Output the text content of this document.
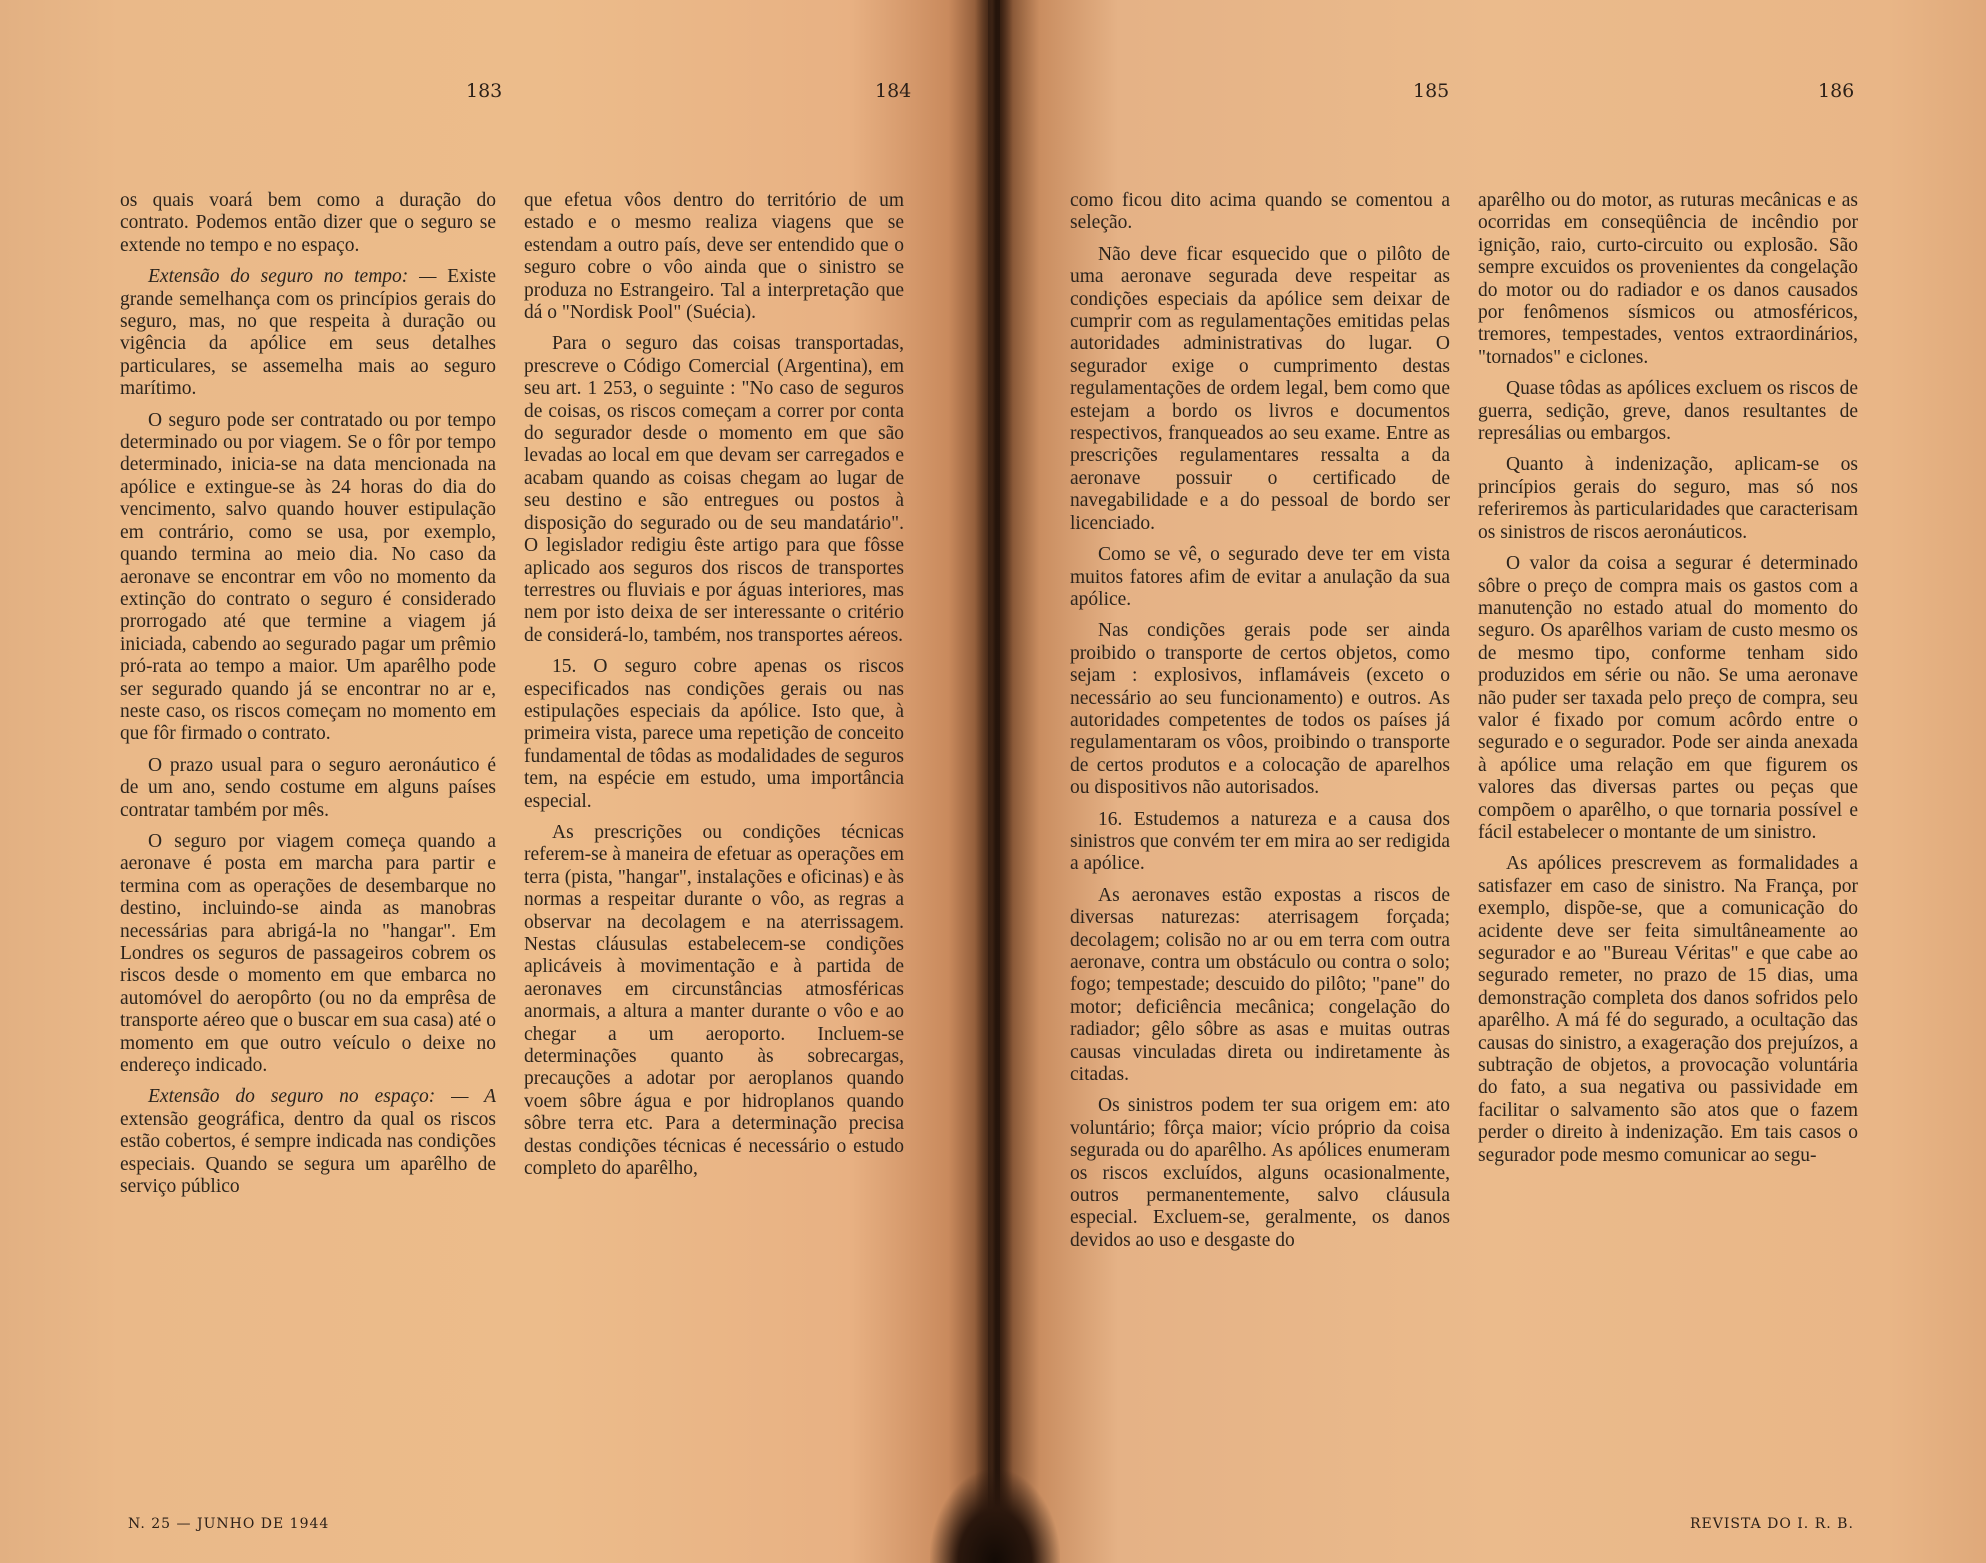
183	184

os quais voará bem como a duração do contrato. Podemos então dizer que o seguro se extende no tempo e no espaço.

Extensão do seguro no tempo: — Existe grande semelhança com os princípios gerais do seguro, mas, no que respeita à duração ou vigência da apólice em seus detalhes particulares, se assemelha mais ao seguro marítimo.

O seguro pode ser contratado ou por tempo determinado ou por viagem. Se o fôr por tempo determinado, inicia-se na data mencionada na apólice e extingue-se às 24 horas do dia do vencimento, salvo quando houver estipulação em contrário, como se usa, por exemplo, quando termina ao meio dia. No caso da aeronave se encontrar em vôo no momento da extinção do contrato o seguro é considerado prorrogado até que termine a viagem já iniciada, cabendo ao segurado pagar um prêmio pró-rata ao tempo a maior. Um aparêlho pode ser segurado quando já se encontrar no ar e, neste caso, os riscos começam no momento em que fôr firmado o contrato.

O prazo usual para o seguro aeronáutico é de um ano, sendo costume em alguns países contratar também por mês.

O seguro por viagem começa quando a aeronave é posta em marcha para partir e termina com as operações de desembarque no destino, incluindo-se ainda as manobras necessárias para abrigá-la no "hangar". Em Londres os seguros de passageiros cobrem os riscos desde o momento em que embarca no automóvel do aeropôrto (ou no da emprêsa de transporte aéreo que o buscar em sua casa) até o momento em que outro veículo o deixe no endereço indicado.

Extensão do seguro no espaço: — A extensão geográfica, dentro da qual os riscos estão cobertos, é sempre indicada nas condições especiais. Quando se segura um aparêlho de serviço público

que efetua vôos dentro do território de um estado e o mesmo realiza viagens que se estendam a outro país, deve ser entendido que o seguro cobre o vôo ainda que o sinistro se produza no Estrangeiro. Tal a interpretação que dá o "Nordisk Pool" (Suécia).

Para o seguro das coisas transportadas, prescreve o Código Comercial (Argentina), em seu art. 1 253, o seguinte : "No caso de seguros de coisas, os riscos começam a correr por conta do segurador desde o momento em que são levadas ao local em que devam ser carregados e acabam quando as coisas chegam ao lugar de seu destino e são entregues ou postos à disposição do segurado ou de seu mandatário". O legislador redigiu êste artigo para que fôsse aplicado aos seguros dos riscos de transportes terrestres ou fluviais e por águas interiores, mas nem por isto deixa de ser interessante o critério de considerá-lo, também, nos transportes aéreos.

15. O seguro cobre apenas os riscos especificados nas condições gerais ou nas estipulações especiais da apólice. Isto que, à primeira vista, parece uma repetição de conceito fundamental de tôdas as modalidades de seguros tem, na espécie em estudo, uma importância especial.

As prescrições ou condições técnicas referem-se à maneira de efetuar as operações em terra (pista, "hangar", instalações e oficinas) e às normas a respeitar durante o vôo, as regras a observar na decolagem e na aterrissagem. Nestas cláusulas estabelecem-se condições aplicáveis à movimentação e à partida de aeronaves em circunstâncias atmosféricas anormais, a altura a manter durante o vôo e ao chegar a um aeroporto. Incluem-se determinações quanto às sobrecargas, precauções a adotar por aeroplanos quando voem sôbre água e por hidroplanos quando sôbre terra etc. Para a determinação precisa destas condições técnicas é necessário o estudo completo do aparêlho,

N. 25 — JUNHO DE 1944
185	186

como ficou dito acima quando se comentou a seleção.

Não deve ficar esquecido que o pilôto de uma aeronave segurada deve respeitar as condições especiais da apólice sem deixar de cumprir com as regulamentações emitidas pelas autoridades administrativas do lugar. O segurador exige o cumprimento destas regulamentações de ordem legal, bem como que estejam a bordo os livros e documentos respectivos, franqueados ao seu exame. Entre as prescrições regulamentares ressalta a da aeronave possuir o certificado de navegabilidade e a do pessoal de bordo ser licenciado.

Como se vê, o segurado deve ter em vista muitos fatores afim de evitar a anulação da sua apólice.

Nas condições gerais pode ser ainda proibido o transporte de certos objetos, como sejam : explosivos, inflamáveis (exceto o necessário ao seu funcionamento) e outros. As autoridades competentes de todos os países já regulamentaram os vôos, proibindo o transporte de certos produtos e a colocação de aparelhos ou dispositivos não autorisados.

16. Estudemos a natureza e a causa dos sinistros que convém ter em mira ao ser redigida a apólice.

As aeronaves estão expostas a riscos de diversas naturezas: aterrisagem forçada; decolagem; colisão no ar ou em terra com outra aeronave, contra um obstáculo ou contra o solo; fogo; tempestade; descuido do pilôto; "pane" do motor; deficiência mecânica; congelação do radiador; gêlo sôbre as asas e muitas outras causas vinculadas direta ou indiretamente às citadas.

Os sinistros podem ter sua origem em: ato voluntário; fôrça maior; vício próprio da coisa segurada ou do aparêlho. As apólices enumeram os riscos excluídos, alguns ocasionalmente, outros permanentemente, salvo cláusula especial. Excluem-se, geralmente, os danos devidos ao uso e desgaste do

aparêlho ou do motor, as ruturas mecânicas e as ocorridas em conseqüência de incêndio por ignição, raio, curto-circuito ou explosão. São sempre excuidos os provenientes da congelação do motor ou do radiador e os danos causados por fenômenos sísmicos ou atmosféricos, tremores, tempestades, ventos extraordinários, "tornados" e ciclones.

Quase tôdas as apólices excluem os riscos de guerra, sedição, greve, danos resultantes de represálias ou embargos.

Quanto à indenização, aplicam-se os princípios gerais do seguro, mas só nos referiremos às particularidades que caracterisam os sinistros de riscos aeronáuticos.

O valor da coisa a segurar é determinado sôbre o preço de compra mais os gastos com a manutenção no estado atual do momento do seguro. Os aparêlhos variam de custo mesmo os de mesmo tipo, conforme tenham sido produzidos em série ou não. Se uma aeronave não puder ser taxada pelo preço de compra, seu valor é fixado por comum acôrdo entre o segurado e o segurador. Pode ser ainda anexada à apólice uma relação em que figurem os valores das diversas partes ou peças que compõem o aparêlho, o que tornaria possível e fácil estabelecer o montante de um sinistro.

As apólices prescrevem as formalidades a satisfazer em caso de sinistro. Na França, por exemplo, dispõe-se, que a comunicação do acidente deve ser feita simultâneamente ao segurador e ao "Bureau Véritas" e que cabe ao segurado remeter, no prazo de 15 dias, uma demonstração completa dos danos sofridos pelo aparêlho. A má fé do segurado, a ocultação das causas do sinistro, a exageração dos prejuízos, a subtração de objetos, a provocação voluntária do fato, a sua negativa ou passividade em facilitar o salvamento são atos que o fazem perder o direito à indenização. Em tais casos o segurador pode mesmo comunicar ao segu-

REVISTA DO I. R. B.
